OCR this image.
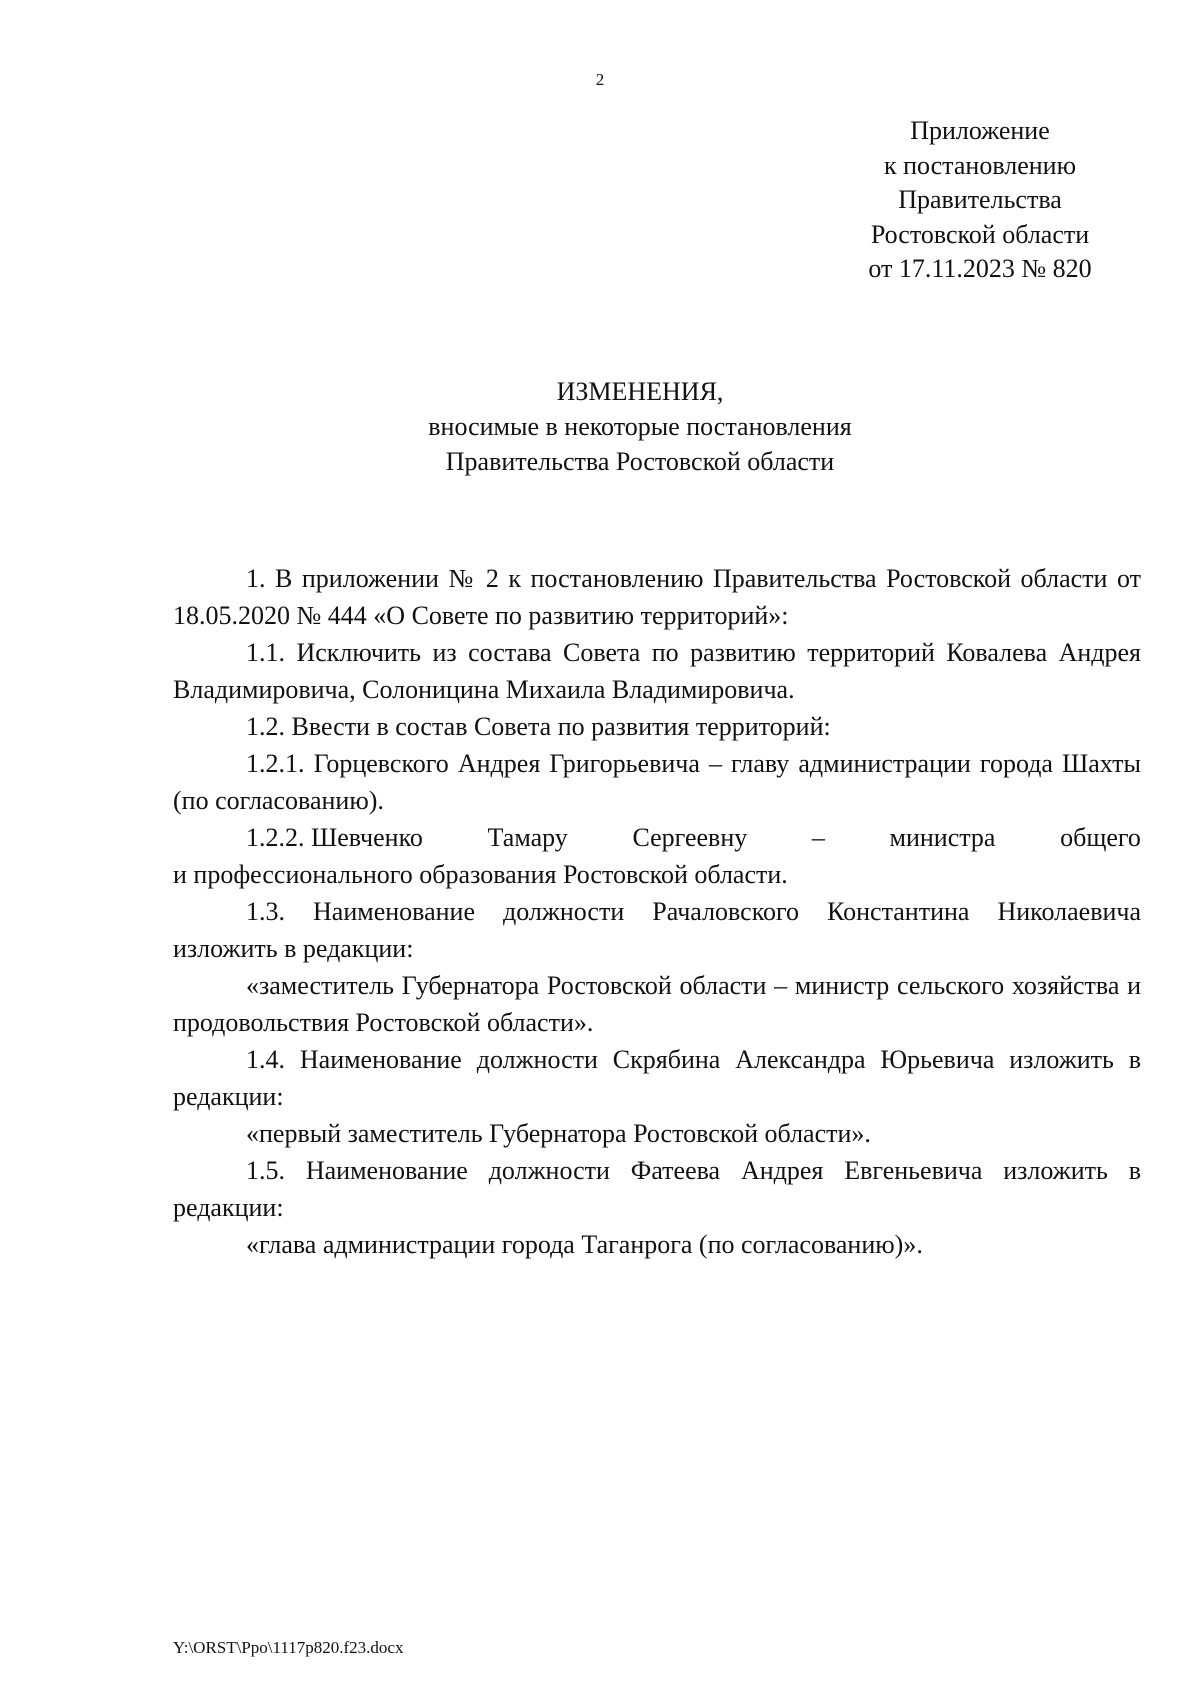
2
Приложение
к постановлению
Правительства
Ростовской области
от 17.11.2023 № 820
ИЗМЕНЕНИЯ,
вносимые в некоторые постановления
Правительства Ростовской области

1. В приложении № 2 к постановлению Правительства Ростовской области от 18.05.2020 № 444 «О Совете по развитию территорий»:

1.1. Исключить из состава Совета по развитию территорий Ковалева Андрея Владимировича, Солоницина Михаила Владимировича.

1.2. Ввести в состав Совета по развития территорий:

1.2.1. Горцевского Андрея Григорьевича – главу администрации города Шахты (по согласованию).

1.2.2. Шевченко Тамару Сергеевну – министра общего
и профессионального образования Ростовской области.

1.3. Наименование должности Рачаловского Константина Николаевича изложить в редакции:

«заместитель Губернатора Ростовской области – министр сельского хозяйства и продовольствия Ростовской области».

1.4. Наименование должности Скрябина Александра Юрьевича изложить в редакции:

«первый заместитель Губернатора Ростовской области».

1.5. Наименование должности Фатеева Андрея Евгеньевича изложить в редакции:

«глава администрации города Таганрога (по согласованию)».

Y:\ORST\Ppo\1117p820.f23.docx
